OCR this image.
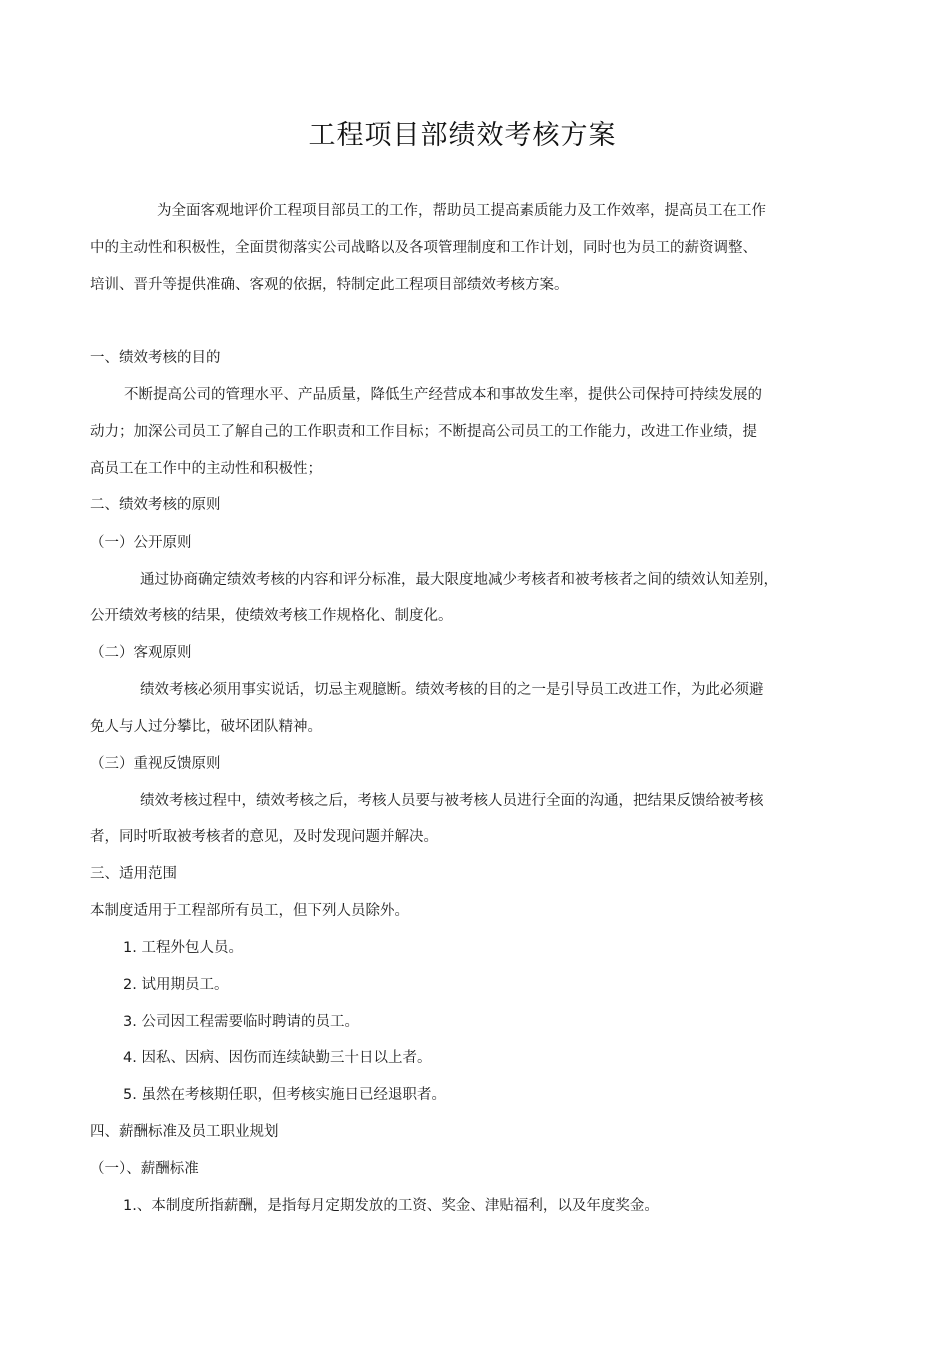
工程项目部绩效考核方案
为全面客观地评价工程项目部员工的工作，帮助员工提高素质能力及工作效率，提高员工在工作
中的主动性和积极性，全面贯彻落实公司战略以及各项管理制度和工作计划，同时也为员工的薪资调整、
培训、晋升等提供准确、客观的依据，特制定此工程项目部绩效考核方案。
一、绩效考核的目的
不断提高公司的管理水平、产品质量，降低生产经营成本和事故发生率，提供公司保持可持续发展的
动力；加深公司员工了解自己的工作职责和工作目标；不断提高公司员工的工作能力，改进工作业绩，提
高员工在工作中的主动性和积极性；
二、绩效考核的原则
（一）公开原则
通过协商确定绩效考核的内容和评分标准，最大限度地减少考核者和被考核者之间的绩效认知差别，
公开绩效考核的结果，使绩效考核工作规格化、制度化。
（二）客观原则
绩效考核必须用事实说话，切忌主观臆断。绩效考核的目的之一是引导员工改进工作，为此必须避
免人与人过分攀比，破坏团队精神。
（三）重视反馈原则
绩效考核过程中，绩效考核之后，考核人员要与被考核人员进行全面的沟通，把结果反馈给被考核
者，同时听取被考核者的意见，及时发现问题并解决。
三、适用范围
本制度适用于工程部所有员工，但下列人员除外。
1. 工程外包人员。
2. 试用期员工。
3. 公司因工程需要临时聘请的员工。
4. 因私、因病、因伤而连续缺勤三十日以上者。
5. 虽然在考核期任职，但考核实施日已经退职者。
四、薪酬标准及员工职业规划
（一）、薪酬标准
1.、本制度所指薪酬，是指每月定期发放的工资、奖金、津贴福利，以及年度奖金。
